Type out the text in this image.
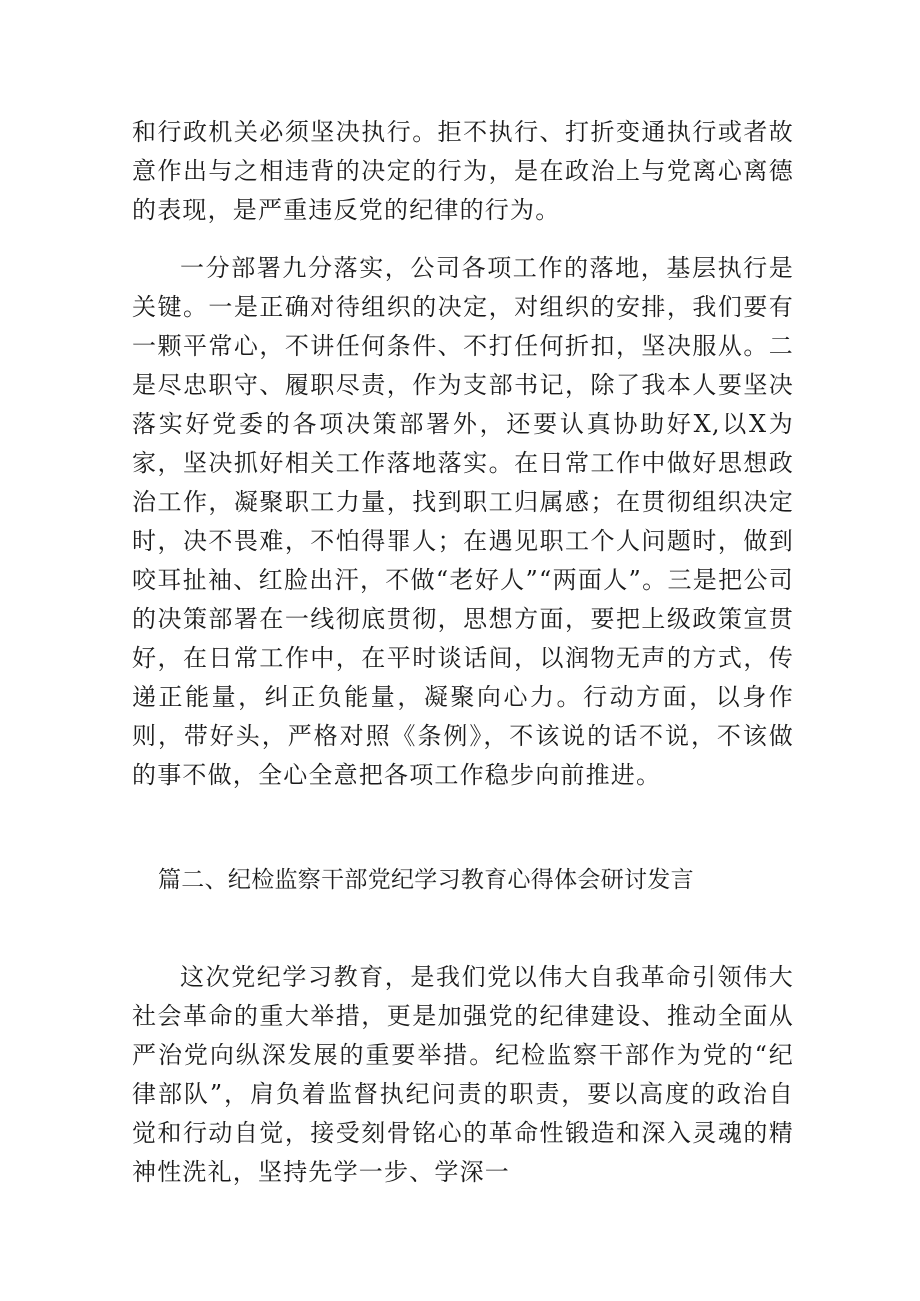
和行政机关必须坚决执行。拒不执行、打折变通执行或者故意作出与之相违背的决定的行为，是在政治上与党离心离德的表现，是严重违反党的纪律的行为。

一分部署九分落实，公司各项工作的落地，基层执行是关键。一是正确对待组织的决定，对组织的安排，我们要有一颗平常心，不讲任何条件、不打任何折扣，坚决服从。二是尽忠职守、履职尽责，作为支部书记，除了我本人要坚决落实好党委的各项决策部署外，还要认真协助好X,以X为家，坚决抓好相关工作落地落实。在日常工作中做好思想政治工作，凝聚职工力量，找到职工归属感；在贯彻组织决定时，决不畏难，不怕得罪人；在遇见职工个人问题时，做到咬耳扯袖、红脸出汗，不做“老好人”“两面人”。三是把公司的决策部署在一线彻底贯彻，思想方面，要把上级政策宣贯好，在日常工作中，在平时谈话间，以润物无声的方式，传递正能量，纠正负能量，凝聚向心力。行动方面，以身作则，带好头，严格对照《条例》，不该说的话不说，不该做的事不做，全心全意把各项工作稳步向前推进。

篇二、纪检监察干部党纪学习教育心得体会研讨发言

这次党纪学习教育，是我们党以伟大自我革命引领伟大社会革命的重大举措，更是加强党的纪律建设、推动全面从严治党向纵深发展的重要举措。纪检监察干部作为党的“纪律部队”，肩负着监督执纪问责的职责，要以高度的政治自觉和行动自觉，接受刻骨铭心的革命性锻造和深入灵魂的精神性洗礼，坚持先学一步、学深一
